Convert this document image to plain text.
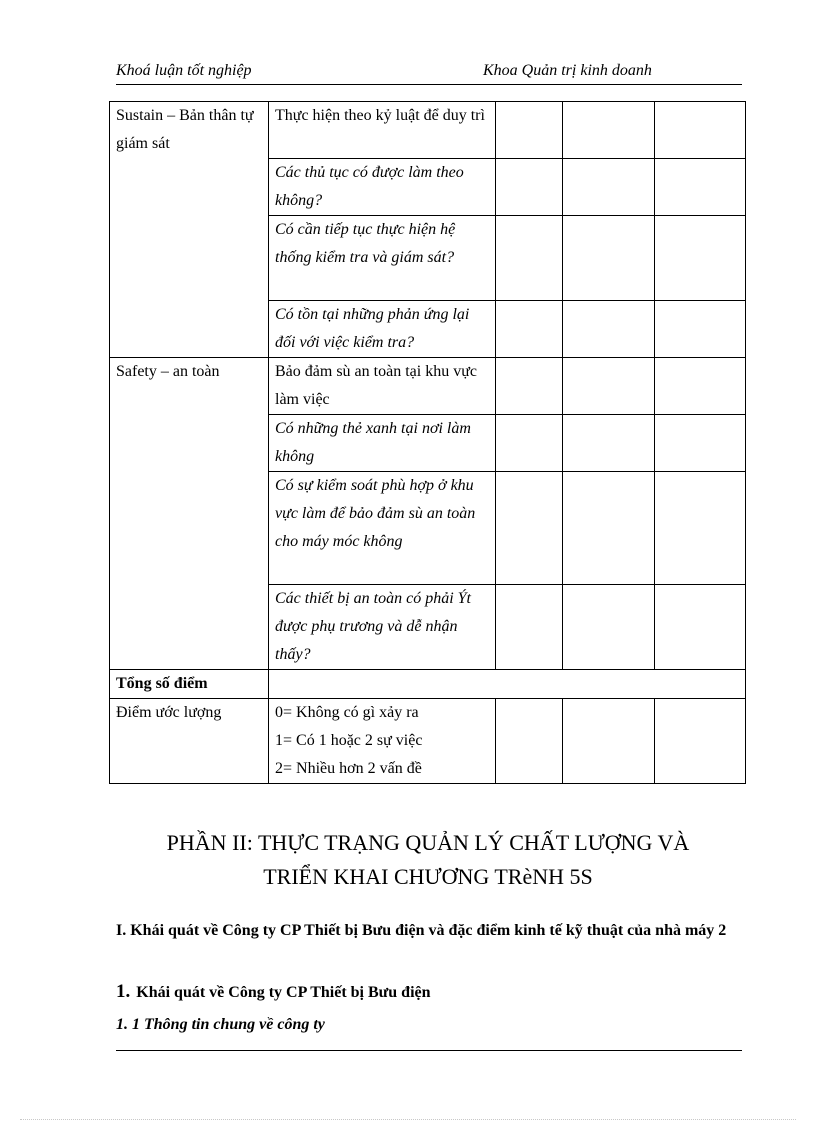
Khoá luận tốt nghiệp	Khoa Quản trị kinh doanh
Sustain – Bản thân tự giám sát	Thực hiện theo kỷ luật để duy trì			
	Các thủ tục có được làm theo không?			
	Có cần tiếp tục thực hiện hệ thống kiểm tra và giám sát?			
	Có tồn tại những phản ứng lại đối với việc kiểm tra?			
Safety – an toàn	Bảo đảm sù an toàn tại khu vực làm việc			
	Có những thẻ xanh tại nơi làm không			
	Có sự kiểm soát phù hợp ở khu vực làm để bảo đảm sù an toàn cho máy móc không			
	Các thiết bị an toàn có phải Ýt được phụ trương và dễ nhận thấy?			
Tổng số điểm				
Điểm ước lượng	0= Không có gì xảy ra
1= Có 1 hoặc 2 sự việc
2= Nhiều hơn 2 vấn đề			

PHẦN II: THỰC TRẠNG QUẢN LÝ CHẤT LƯỢNG VÀ
TRIỂN KHAI CHƯƠNG TRèNH 5S
I. Khái quát về Công ty CP Thiết bị Bưu điện và đặc điểm kinh tế kỹ thuật của nhà máy 2
1. Khái quát về Công ty CP Thiết bị Bưu điện
1. 1 Thông tin chung về công ty
